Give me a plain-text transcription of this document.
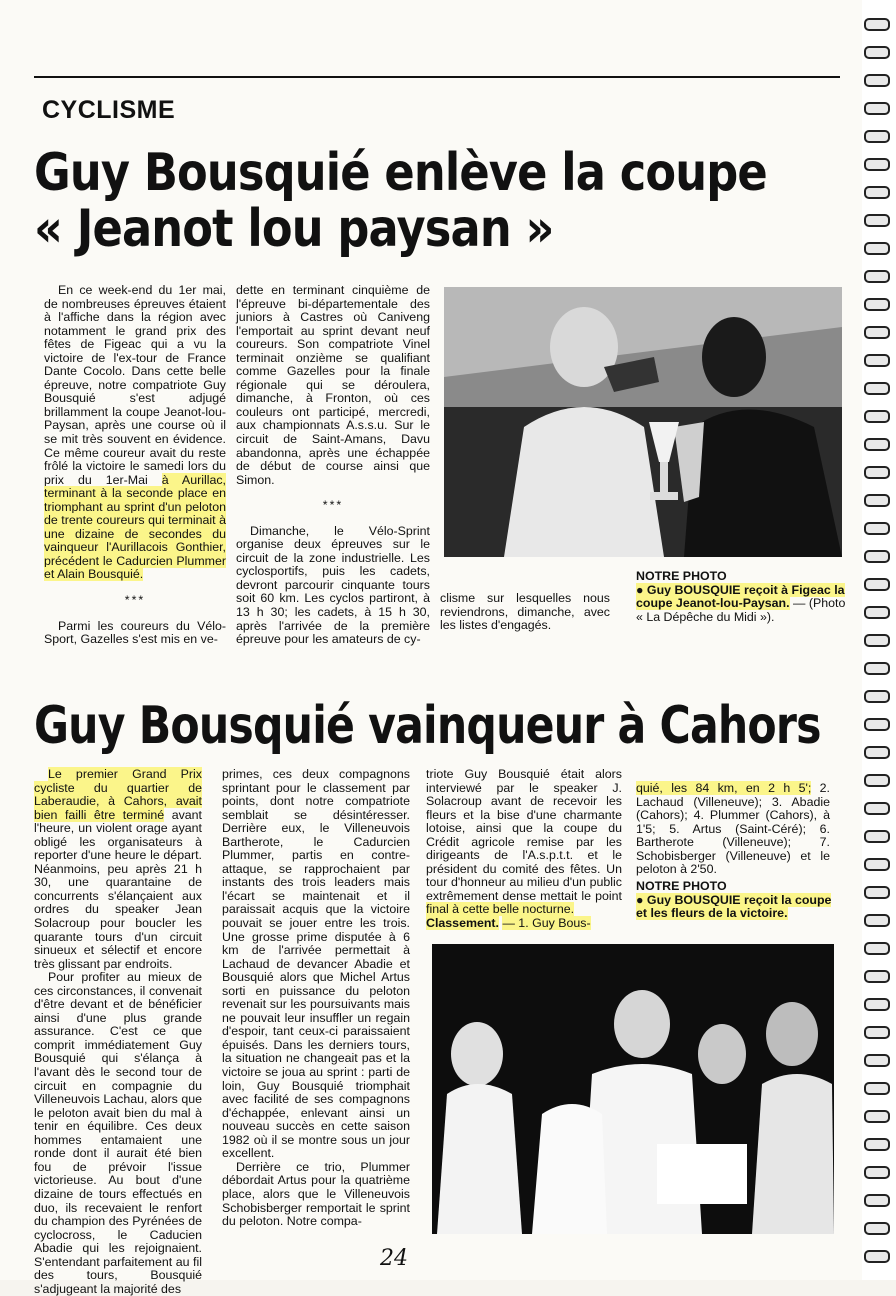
CYCLISME
Guy Bousquié enlève la coupe
« Jeanot lou paysan »

En ce week-end du 1er mai, de nombreuses épreuves étaient à l'affiche dans la région avec notamment le grand prix des fêtes de Figeac qui a vu la victoire de l'ex-tour de France Dante Cocolo. Dans cette belle épreuve, notre compatriote Guy Bousquié s'est adjugé brillamment la coupe Jeanot-lou-Paysan, après une course où il se mit très souvent en évidence. Ce même coureur avait du reste frôlé la victoire le samedi lors du prix du 1er-Mai à Aurillac, terminant à la seconde place en triomphant au sprint d'un peloton de trente coureurs qui terminait à une dizaine de secondes du vainqueur l'Aurillacois Gonthier, précédent le Cadurcien Plummer et Alain Bousquié.

***

Parmi les coureurs du Vélo-Sport, Gazelles s'est mis en ve-

dette en terminant cinquième de l'épreuve bi-départementale des juniors à Castres où Caniveng l'emportait au sprint devant neuf coureurs. Son compatriote Vinel terminait onzième se qualifiant comme Gazelles pour la finale régionale qui se déroulera, dimanche, à Fronton, où ces couleurs ont participé, mercredi, aux championnats A.s.s.u. Sur le circuit de Saint-Amans, Davu abandonna, après une échappée de début de course ainsi que Simon.

***

Dimanche, le Vélo-Sprint organise deux épreuves sur le circuit de la zone industrielle. Les cyclosportifs, puis les cadets, devront parcourir cinquante tours soit 60 km. Les cyclos partiront, à 13 h 30; les cadets, à 15 h 30, après l'arrivée de la première épreuve pour les amateurs de cy-

clisme sur lesquelles nous reviendrons, dimanche, avec les listes d'engagés.

NOTRE PHOTO
● Guy BOUSQUIE reçoit à Figeac la coupe Jeanot-lou-Paysan. — (Photo « La Dépêche du Midi »).
Guy Bousquié vainqueur à Cahors

Le premier Grand Prix cycliste du quartier de Laberaudie, à Cahors, avait bien failli être terminé avant l'heure, un violent orage ayant obligé les organisateurs à reporter d'une heure le départ. Néanmoins, peu après 21 h 30, une quarantaine de concurrents s'élançaient aux ordres du speaker Jean Solacroup pour boucler les quarante tours d'un circuit sinueux et sélectif et encore très glissant par endroits.

Pour profiter au mieux de ces circonstances, il convenait d'être devant et de bénéficier ainsi d'une plus grande assurance. C'est ce que comprit immédiatement Guy Bousquié qui s'élança à l'avant dès le second tour de circuit en compagnie du Villeneuvois Lachau, alors que le peloton avait bien du mal à tenir en équilibre. Ces deux hommes entamaient une ronde dont il aurait été bien fou de prévoir l'issue victorieuse. Au bout d'une dizaine de tours effectués en duo, ils recevaient le renfort du champion des Pyrénées de cyclocross, le Caducien Abadie qui les rejoignaient. S'entendant parfaitement au fil des tours, Bousquié s'adjugeant la majorité des

primes, ces deux compagnons sprintant pour le classement par points, dont notre compatriote semblait se désintéresser. Derrière eux, le Villeneuvois Bartherote, le Cadurcien Plummer, partis en contre-attaque, se rapprochaient par instants des trois leaders mais l'écart se maintenait et il paraissait acquis que la victoire pouvait se jouer entre les trois. Une grosse prime disputée à 6 km de l'arrivée permettait à Lachaud de devancer Abadie et Bousquié alors que Michel Artus sorti en puissance du peloton revenait sur les poursuivants mais ne pouvait leur insuffler un regain d'espoir, tant ceux-ci paraissaient épuisés. Dans les derniers tours, la situation ne changeait pas et la victoire se joua au sprint : parti de loin, Guy Bousquié triomphait avec facilité de ses compagnons d'échappée, enlevant ainsi un nouveau succès en cette saison 1982 où il se montre sous un jour excellent.

Derrière ce trio, Plummer débordait Artus pour la quatrième place, alors que le Villeneuvois Schobisberger remportait le sprint du peloton. Notre compa-

triote Guy Bousquié était alors interviewé par le speaker J. Solacroup avant de recevoir les fleurs et la bise d'une charmante lotoise, ainsi que la coupe du Crédit agricole remise par les dirigeants de l'A.s.p.t.t. et le président du comité des fêtes. Un tour d'honneur au milieu d'un public extrêmement dense mettait le point final à cette belle nocturne.

Classement. — 1. Guy Bous-

quié, les 84 km, en 2 h 5'; 2. Lachaud (Villeneuve); 3. Abadie (Cahors); 4. Plummer (Cahors), à 1'5; 5. Artus (Saint-Céré); 6. Bartherote (Villeneuve); 7. Schobisberger (Villeneuve) et le peloton à 2'50.

NOTRE PHOTO
● Guy BOUSQUIE reçoit la coupe et les fleurs de la victoire.
24
